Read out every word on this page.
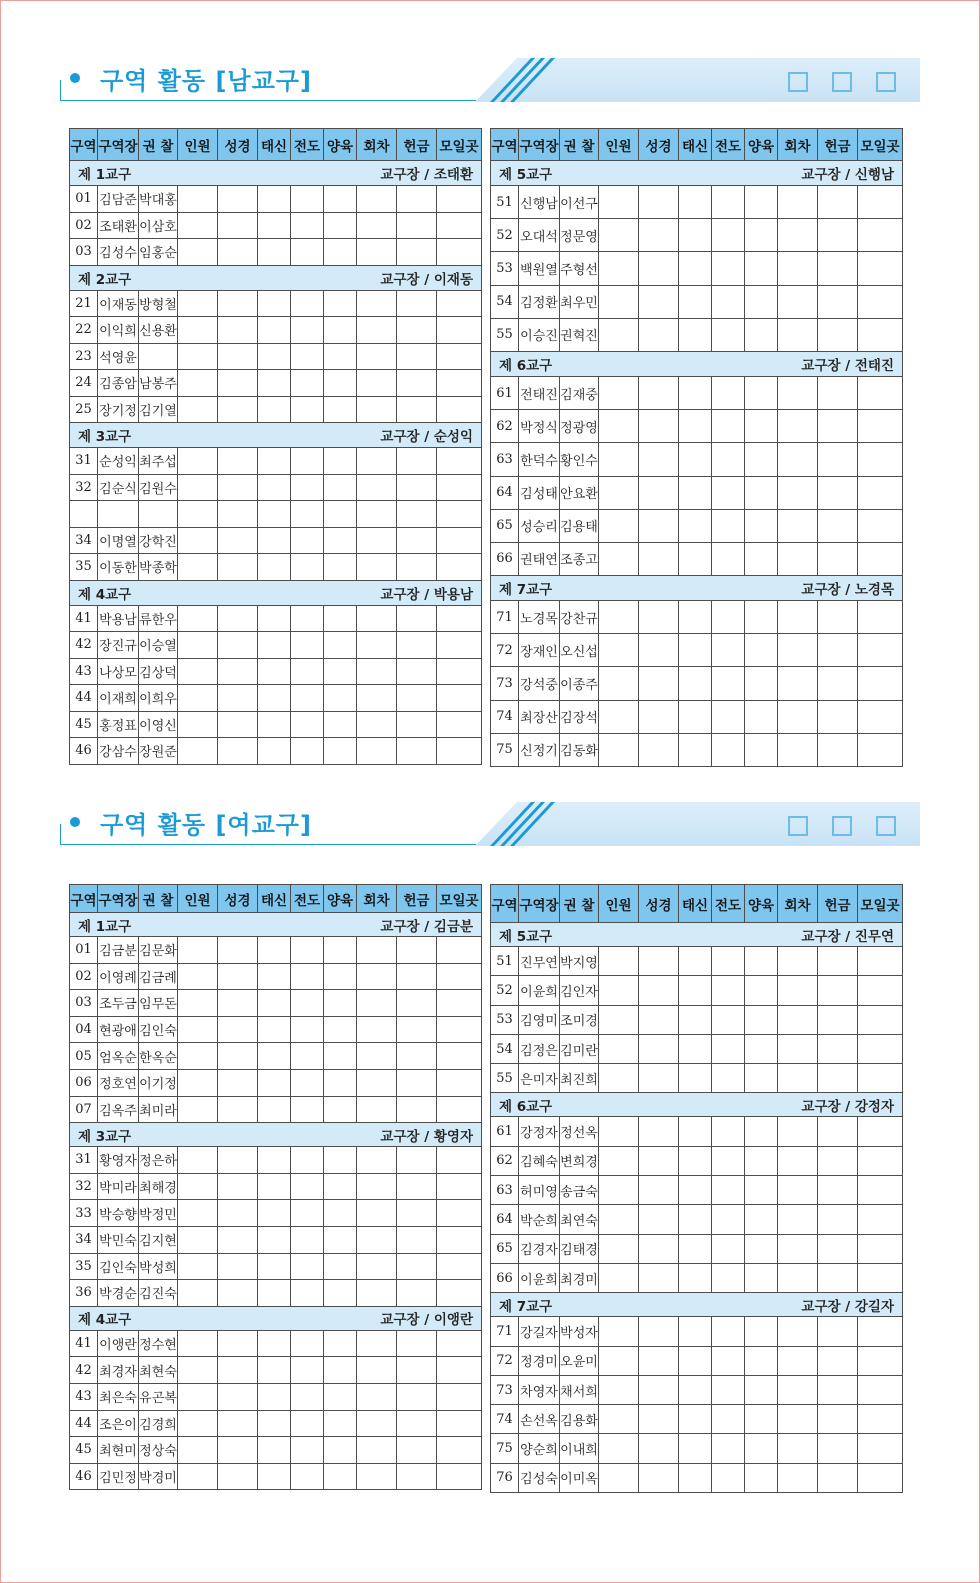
구역 활동 [남교구]
구역 활동 [여교구]
구역	구역장	권 찰	인원	성경	태신	전도	양육	회차	헌금	모일곳

제 1교구 교구장 / 조태환										

01	김담준	박대홍								
02	조태환	이삼호								
03	김성수	임홍순								

제 2교구 교구장 / 이재동										

21	이재동	방형철								
22	이익희	신용환								
23	석영윤									
24	김종암	남봉주								
25	장기정	김기열								

제 3교구 교구장 / 순성익										

31	순성익	최주섭								
32	김순식	김원수								

34	이명열	강학진								
35	이동한	박종학								

제 4교구 교구장 / 박용남										

41	박용남	류한우								
42	장진규	이승열								
43	나상모	김상덕								
44	이재희	이희우								
45	홍정표	이영신								
46	강삼수	장원준								
구역	구역장	권 찰	인원	성경	태신	전도	양육	회차	헌금	모일곳

제 5교구 교구장 / 신행남										

51	신행남	이선구								
52	오대석	정문영								
53	백원열	주형선								
54	김정환	최우민								
55	이승진	권혁진								

제 6교구 교구장 / 전태진										

61	전태진	김재중								
62	박정식	정광영								
63	한덕수	황인수								
64	김성태	안요환								
65	성승리	김용태								
66	권태연	조종고								

제 7교구 교구장 / 노경목										

71	노경목	강찬규								
72	장재인	오신섭								
73	강석중	이종주								
74	최장산	김장석								
75	신정기	김동화								
구역	구역장	권 찰	인원	성경	태신	전도	양육	회차	헌금	모일곳

제 1교구 교구장 / 김금분										

01	김금분	김문화								
02	이영례	김금례								
03	조두금	임무돈								
04	현광애	김인숙								
05	엄옥순	한옥순								
06	정호연	이기정								
07	김옥주	최미라								

제 3교구 교구장 / 황영자										

31	황영자	정은하								
32	박미라	최해경								
33	박승향	박정민								
34	박민숙	김지현								
35	김인숙	박성희								
36	박경순	김진숙								

제 4교구 교구장 / 이앵란										

41	이앵란	정수현								
42	최경자	최현숙								
43	최은숙	유곤복								
44	조은이	김경희								
45	최현미	정상숙								
46	김민정	박경미								
구역	구역장	권 찰	인원	성경	태신	전도	양육	회차	헌금	모일곳

제 5교구 교구장 / 진무연										

51	진무연	박지영								
52	이윤희	김인자								
53	김영미	조미경								
54	김정은	김미란								
55	은미자	최진희								

제 6교구 교구장 / 강정자										

61	강정자	정선옥								
62	김혜숙	변희경								
63	허미영	송금숙								
64	박순희	최연숙								
65	김경자	김태경								
66	이윤희	최경미								

제 7교구 교구장 / 강길자										

71	강길자	박성자								
72	정경미	오윤미								
73	차영자	채서희								
74	손선옥	김용화								
75	양순희	이내희								
76	김성숙	이미옥								
